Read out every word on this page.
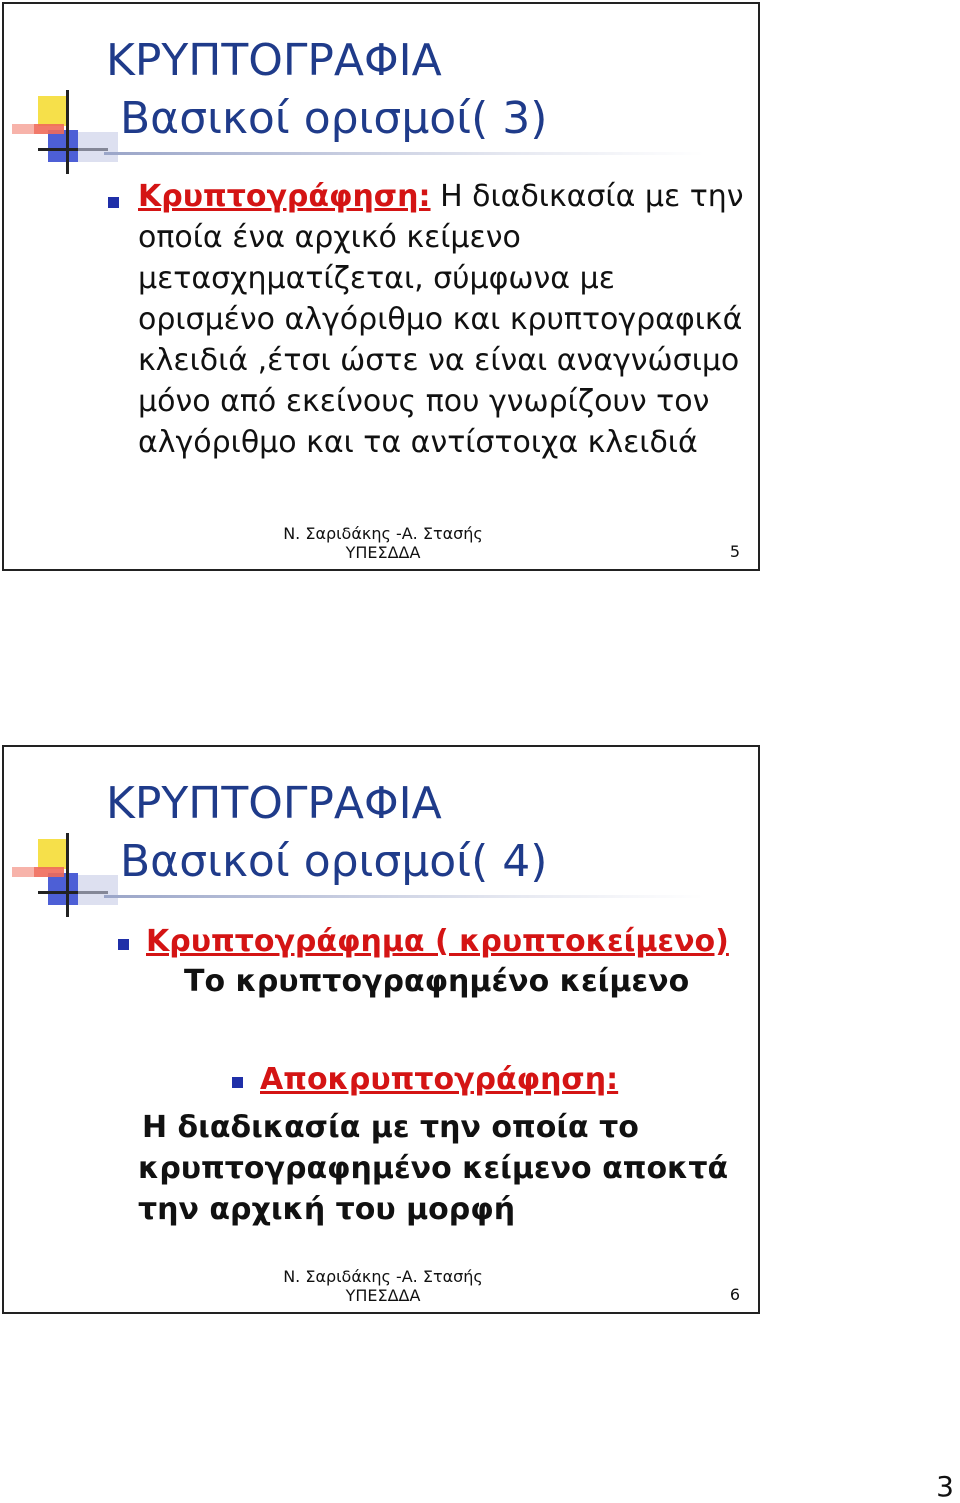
ΚΡΥΠΤΟΓΡΑΦΙΑ
Βασικοί ορισμοί( 3)
Κρυπτογράφηση: Η διαδικασία με την
οποία ένα αρχικό κείμενο
μετασχηματίζεται, σύμφωνα με
ορισμένο αλγόριθμο και κρυπτογραφικά
κλειδιά ,έτσι ώστε να είναι αναγνώσιμο
μόνο από εκείνους που γνωρίζουν τον
αλγόριθμο και τα αντίστοιχα κλειδιά
Ν. Σαριδάκης -Α. Στασής
ΥΠΕΣΔΔΑ	5
ΚΡΥΠΤΟΓΡΑΦΙΑ
Βασικοί ορισμοί( 4)
Κρυπτογράφημα ( κρυπτοκείμενο)
Το κρυπτογραφημένο κείμενο
Αποκρυπτογράφηση:
Η διαδικασία με την οποία το
κρυπτογραφημένο κείμενο αποκτά
την αρχική του μορφή
Ν. Σαριδάκης -Α. Στασής
ΥΠΕΣΔΔΑ	6
3
